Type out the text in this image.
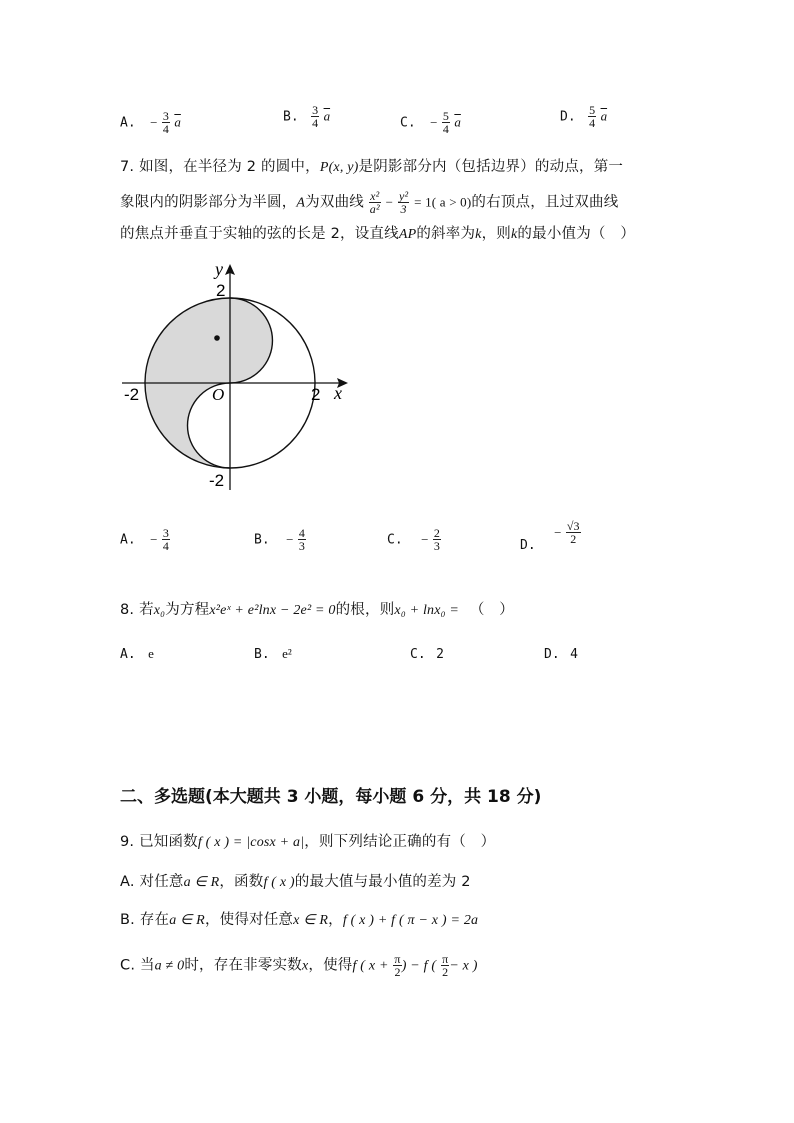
A. − $\frac{3}{4} \overline{a}$	B. $\frac{3}{4} \overline{a}$	C. − $\frac{5}{4} \overline{a}$	D. $\frac{5}{4} \overline{a}$
7. 如图，在半径为 2 的圆中，P(x, y)是阴影部分内（包括边界）的动点，第一
象限内的阴影部分为半圆，A为双曲线 $\frac{\text{x²}}{\text{a²}} - \frac{\text{y²}}{3} = 1$( a > 0)的右顶点，且过双曲线
的焦点并垂直于实轴的弦的长是 2，设直线AP的斜率为k，则k的最小值为（　）
y
x
O
2
-2
-2	2
A. − $\frac{3}{4}$	B. − $\frac{4}{3}$	C. − $\frac{2}{3}$	D. − $\frac{√3}{2}$
8. 若x₀为方程x²eˣ + e²lnx − 2e² = 0的根，则x₀ + lnx₀ = （　）
A. e	B. e²	C. 2	D. 4
二、多选题(本大题共 3 小题，每小题 6 分，共 18 分)
9. 已知函数f ( x ) = |cosx + a|，则下列结论正确的有（　）
A. 对任意a ∈ R，函数f ( x )的最大值与最小值的差为 2
B. 存在a ∈ R，使得对任意x ∈ R，f ( x ) + f ( π − x ) = 2a
C. 当a ≠ 0时，存在非零实数x，使得f ( $x + \frac{\pi}{2}$ ) − f ( $\frac{\pi}{2} - x$ )
